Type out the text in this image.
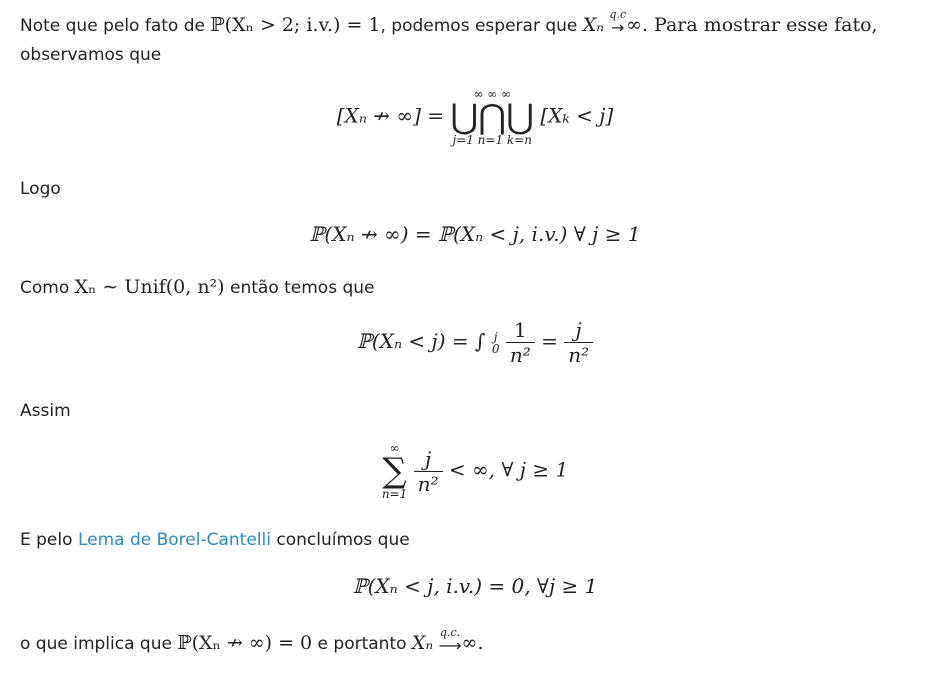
Note que pelo fato de ℙ(Xₙ > 2; i.v.) = 1, podemos esperar que Xₙ q.c
→ ∞. Para mostrar esse fato,
observamos que
[Xₙ ↛ ∞] =
∞ ∞ ∞
⋃⋂⋃
j=1 n=1 k=n
[Xₖ < j]
Logo
ℙ(Xₙ ↛ ∞) = ℙ(Xₙ < j, i.v.) ∀ j ≥ 1
Como Xₙ ∼ Unif(0, n²) então temos que
ℙ(Xₙ < j) = ∫ j
0
$\frac{1}{\text{n²}} = \frac{j}{\text{n²}}$
Assim
∞
∑
n=1
$\frac{j}{\text{n²}}$ < ∞, ∀ j ≥ 1
E pelo Lema de Borel-Cantelli concluímos que
ℙ(Xₙ < j, i.v.) = 0, ∀j ≥ 1
o que implica que ℙ(Xₙ ↛ ∞) = 0 e portanto Xₙ q.c.
⟶ ∞.
